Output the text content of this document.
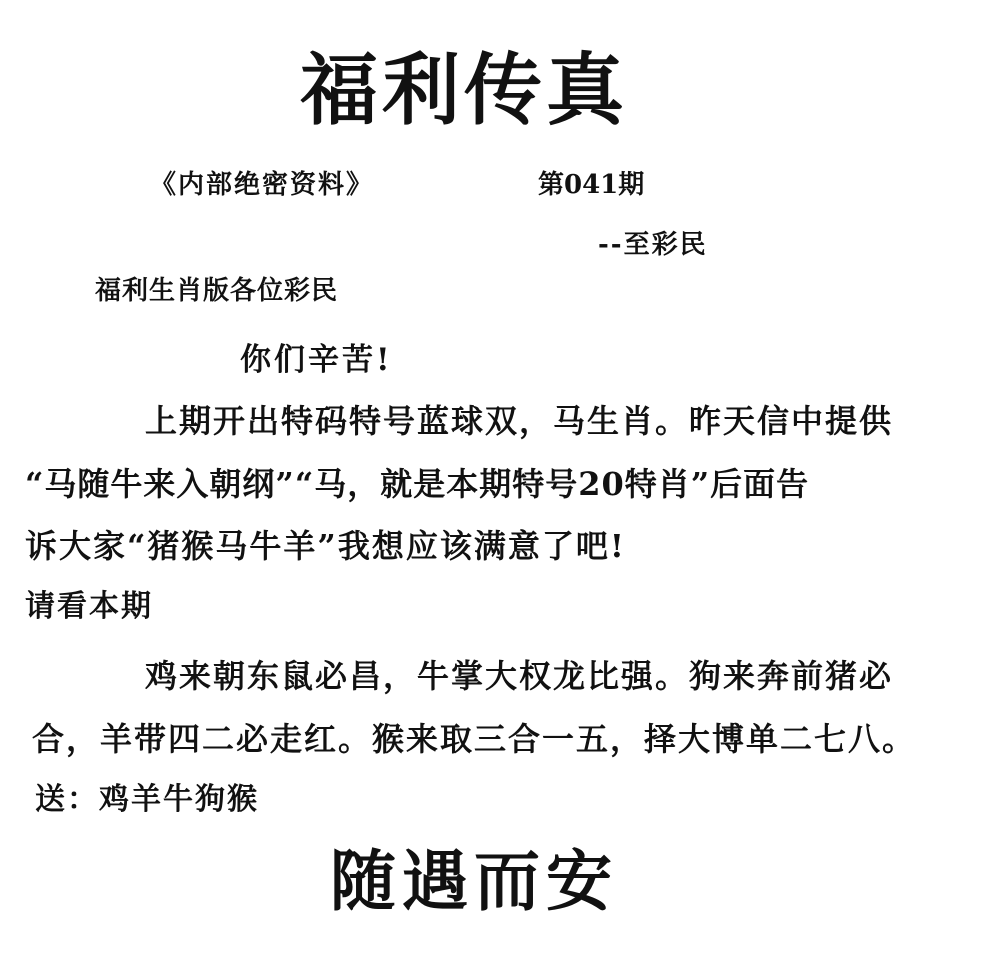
福利传真
《内部绝密资料》	第041期
--至彩民
福利生肖版各位彩民
你们辛苦!
上期开出特码特号蓝球双，马生肖。昨天信中提供
“马随牛来入朝纲”“马，就是本期特号20特肖”后面告
诉大家“猪猴马牛羊”我想应该满意了吧!
请看本期
鸡来朝东鼠必昌，牛掌大权龙比强。狗来奔前猪必
合，羊带四二必走红。猴来取三合一五，择大博单二七八。
送：鸡羊牛狗猴
随遇而安
